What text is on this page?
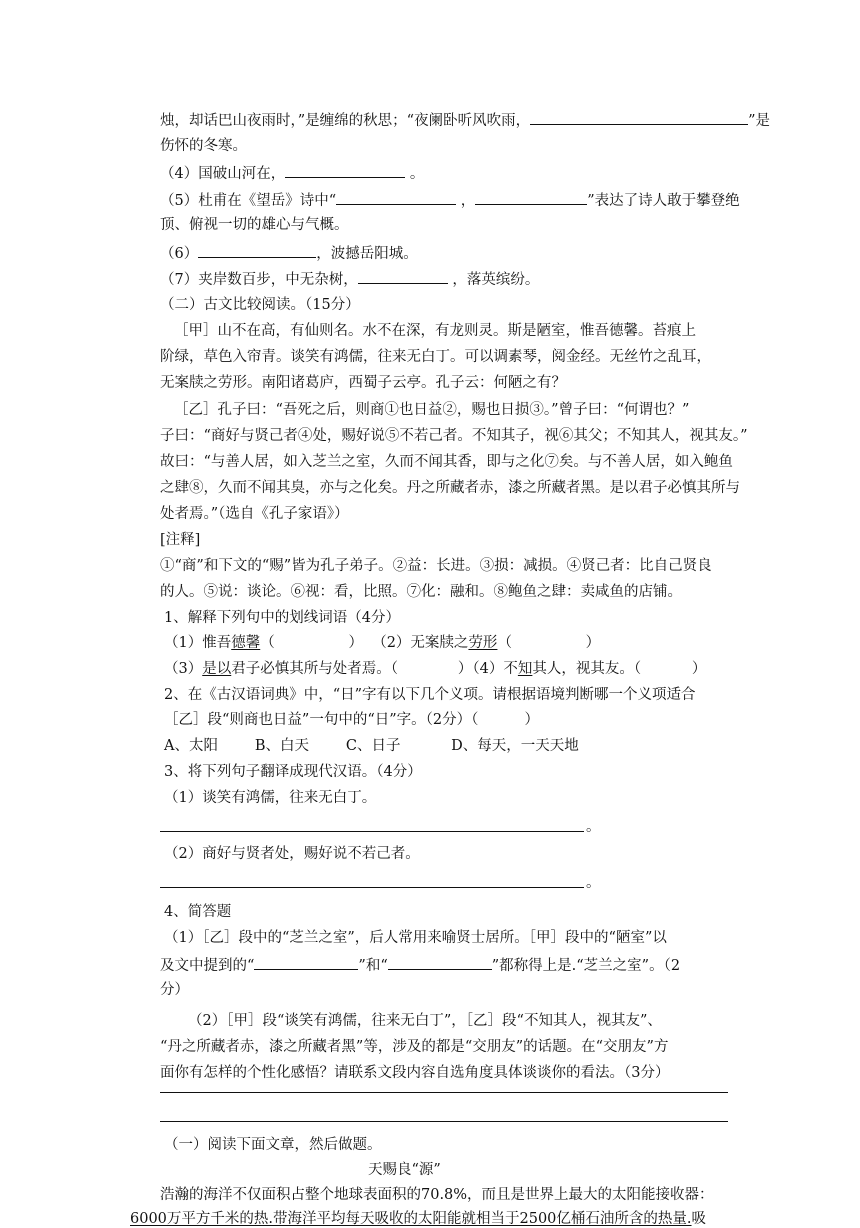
烛，却话巴山夜雨时，”是缠绵的秋思；“夜阑卧听风吹雨，	”是
伤怀的冬寒。
（4）国破山河在，	。
（5）杜甫在《望岳》诗中“	，	”表达了诗人敢于攀登绝
顶、俯视一切的雄心与气概。
（6）	，波撼岳阳城。
（7）夹岸数百步，中无杂树，	，落英缤纷。
（二）古文比较阅读。（15分）
［甲］山不在高，有仙则名。水不在深，有龙则灵。斯是陋室，惟吾德馨。苔痕上
阶绿，草色入帘青。谈笑有鸿儒，往来无白丁。可以调素琴，阅金经。无丝竹之乱耳，
无案牍之劳形。南阳诸葛庐，西蜀子云亭。孔子云：何陋之有？
［乙］孔子曰：“吾死之后，则商①也日益②，赐也日损③。”曾子曰：“何谓也？”
子曰：“商好与贤己者④处，赐好说⑤不若己者。不知其子，视⑥其父；不知其人，视其友。”
故曰：“与善人居，如入芝兰之室，久而不闻其香，即与之化⑦矣。与不善人居，如入鲍鱼
之肆⑧，久而不闻其臭，亦与之化矣。丹之所藏者赤，漆之所藏者黑。是以君子必慎其所与
处者焉。”（选自《孔子家语》）
[注释]
①“商”和下文的“赐”皆为孔子弟子。②益：长进。③损：减损。④贤己者：比自己贤良
的人。⑤说：谈论。⑥视：看，比照。⑦化：融和。⑧鲍鱼之肆：卖咸鱼的店铺。
1、解释下列句中的划线词语（4分）
（1）惟吾德馨（                ） （2）无案牍之劳形（                ）
（3）是以君子必慎其所与处者焉。（             ）（4）不知其人，视其友。（           ）
2、在《古汉语词典》中，“日”字有以下几个义项。请根据语境判断哪一个义项适合
［乙］段“则商也日益”一句中的“日”字。（2分）（          ）
A、太阳        B、白天        C、日子           D、每天，一天天地
3、将下列句子翻译成现代汉语。（4分）
（1）谈笑有鸿儒，往来无白丁。
。
（2）商好与贤者处，赐好说不若己者。
。
4、简答题
（1）［乙］段中的“芝兰之室”，后人常用来喻贤士居所。［甲］段中的“陋室”以
及文中提到的“	”和“	”都称得上是.“芝兰之室”。（2
分）
（2）［甲］段“谈笑有鸿儒，往来无白丁”，［乙］段“不知其人，视其友”、
“丹之所藏者赤，漆之所藏者黑”等，涉及的都是“交朋友”的话题。在“交朋友”方
面你有怎样的个性化感悟？请联系文段内容自选角度具体谈谈你的看法。（3分）
（一）阅读下面文章，然后做题。
天赐良“源”
浩瀚的海洋不仅面积占整个地球表面积的70.8%，而且是世界上最大的太阳能接收器：
6000万平方千米的热.带海洋平均每天吸收的太阳能就相当于2500亿桶石油所含的热量.吸
